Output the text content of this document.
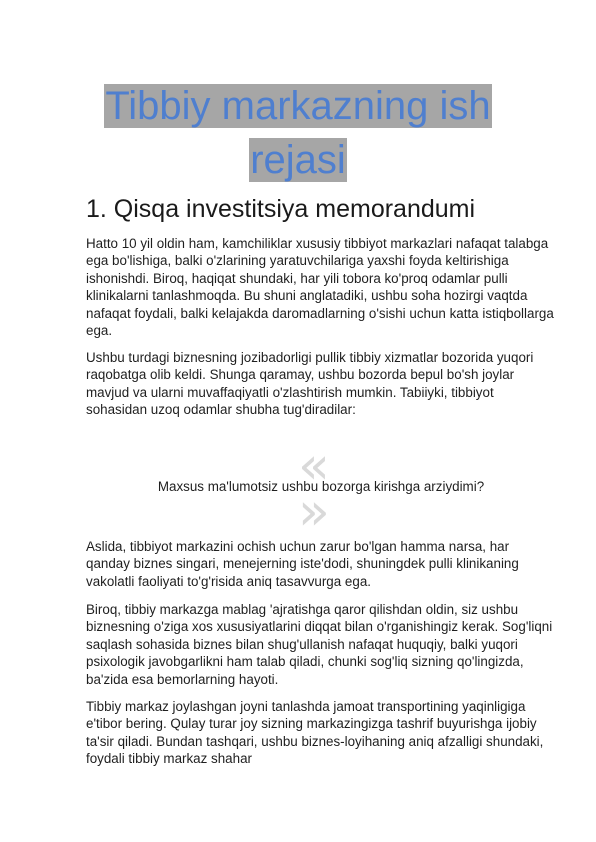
Tibbiy markazning ish
rejasi
1. Qisqa investitsiya memorandumi

Hatto 10 yil oldin ham, kamchiliklar xususiy tibbiyot markazlari nafaqat talabga ega bo'lishiga, balki o'zlarining yaratuvchilariga yaxshi foyda keltirishiga ishonishdi. Biroq, haqiqat shundaki, har yili tobora ko'proq odamlar pulli klinikalarni tanlashmoqda. Bu shuni anglatadiki, ushbu soha hozirgi vaqtda nafaqat foydali, balki kelajakda daromadlarning o'sishi uchun katta istiqbollarga ega.

Ushbu turdagi biznesning jozibadorligi pullik tibbiy xizmatlar bozorida yuqori raqobatga olib keldi. Shunga qaramay, ushbu bozorda bepul bo'sh joylar mavjud va ularni muvaffaqiyatli o'zlashtirish mumkin. Tabiiyki, tibbiyot sohasidan uzoq odamlar shubha tug'diradilar:

«
Maxsus ma'lumotsiz ushbu bozorga kirishga arziydimi?
»

Aslida, tibbiyot markazini ochish uchun zarur bo'lgan hamma narsa, har qanday biznes singari, menejerning iste'dodi, shuningdek pulli klinikaning vakolatli faoliyati to'g'risida aniq tasavvurga ega.

Biroq, tibbiy markazga mablag 'ajratishga qaror qilishdan oldin, siz ushbu biznesning o'ziga xos xususiyatlarini diqqat bilan o'rganishingiz kerak. Sog'liqni saqlash sohasida biznes bilan shug'ullanish nafaqat huquqiy, balki yuqori psixologik javobgarlikni ham talab qiladi, chunki sog'liq sizning qo'lingizda, ba'zida esa bemorlarning hayoti.

Tibbiy markaz joylashgan joyni tanlashda jamoat transportining yaqinligiga e'tibor bering. Qulay turar joy sizning markazingizga tashrif buyurishga ijobiy ta'sir qiladi. Bundan tashqari, ushbu biznes-loyihaning aniq afzalligi shundaki, foydali tibbiy markaz shahar
